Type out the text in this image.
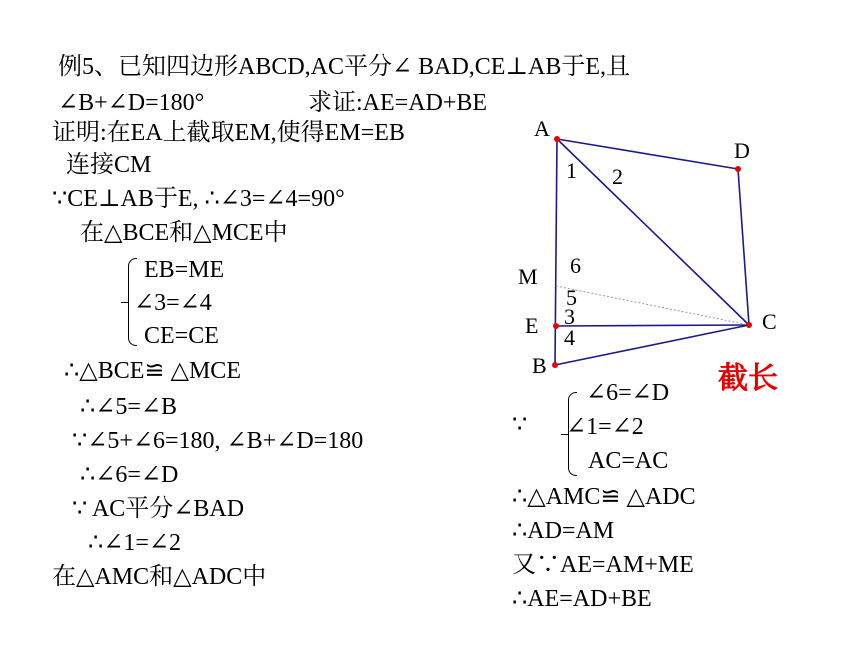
例5、已知四边形ABCD,AC平分∠ BAD,CE⊥AB于E,且
∠B+∠D=180°	求证:AE=AD+BE
证明:在EA上截取EM,使得EM=EB
连接CM
∵CE⊥AB于E, ∴∠3=∠4=90°
在△BCE和△MCE中
EB=ME
∠3=∠4
CE=CE
∴△BCE≌ △MCE
∴∠5=∠B
∵∠5+∠6=180, ∠B+∠D=180
∴∠6=∠D
∵ AC平分∠BAD
∴∠1=∠2
在△AMC和△ADC中
A
D
M
E
B
C
1 2
6
5
3
4
截长
∵
∠6=∠D
∠1=∠2
AC=AC
∴△AMC≌ △ADC
∴AD=AM
又∵AE=AM+ME
∴AE=AD+BE
